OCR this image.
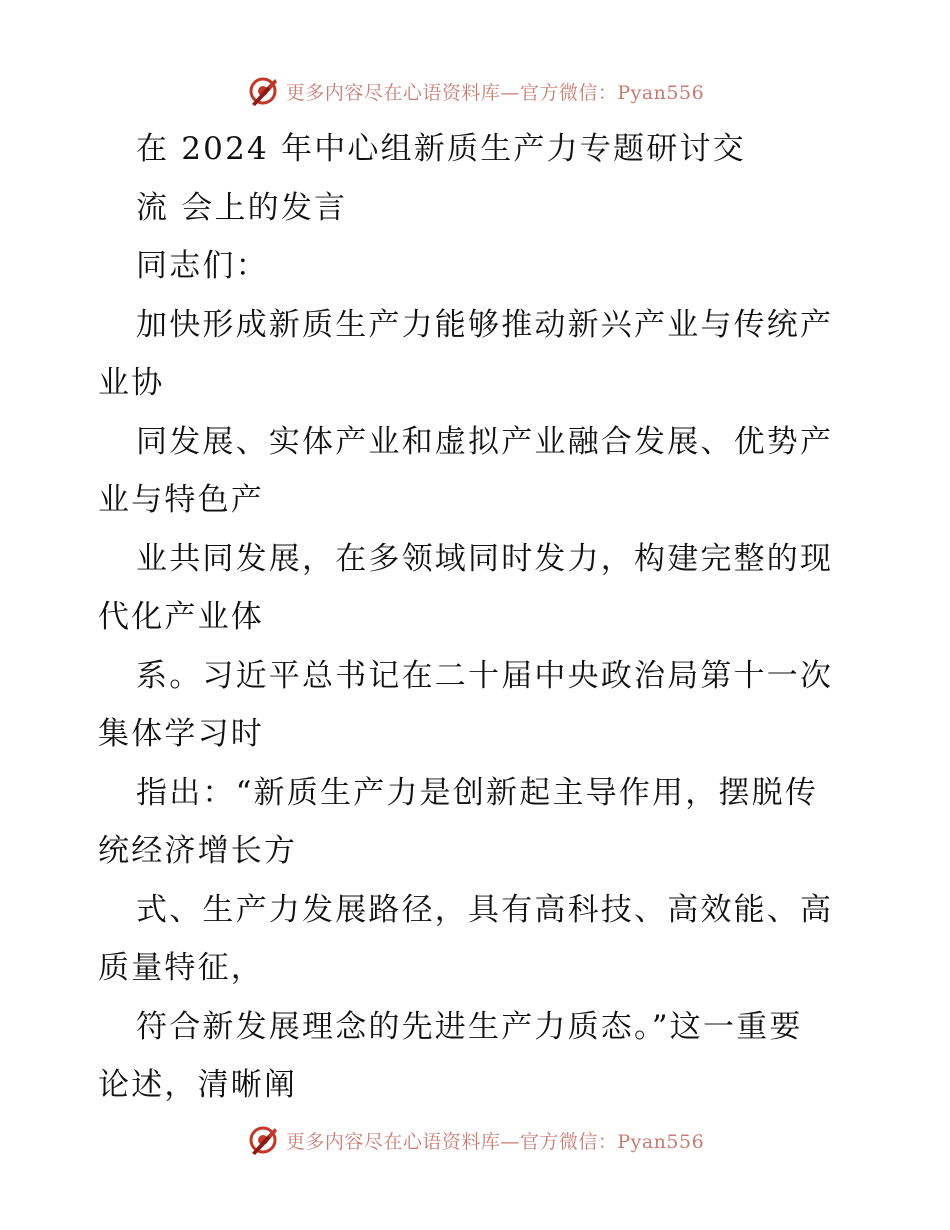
更多内容尽在心语资料库—官方微信：Pyan556
在 2024 年中心组新质生产力专题研讨交
流 会上的发言
同志们：
加快形成新质生产力能够推动新兴产业与传统产
业协
同发展、实体产业和虚拟产业融合发展、优势产
业与特色产
业共同发展，在多领域同时发力，构建完整的现
代化产业体
系。习近平总书记在二十届中央政治局第十一次
集体学习时
指出：“新质生产力是创新起主导作用，摆脱传
统经济增长方
式、生产力发展路径，具有高科技、高效能、高
质量特征，
符合新发展理念的先进生产力质态。”这一重要
论述，清晰阐
更多内容尽在心语资料库—官方微信：Pyan556
